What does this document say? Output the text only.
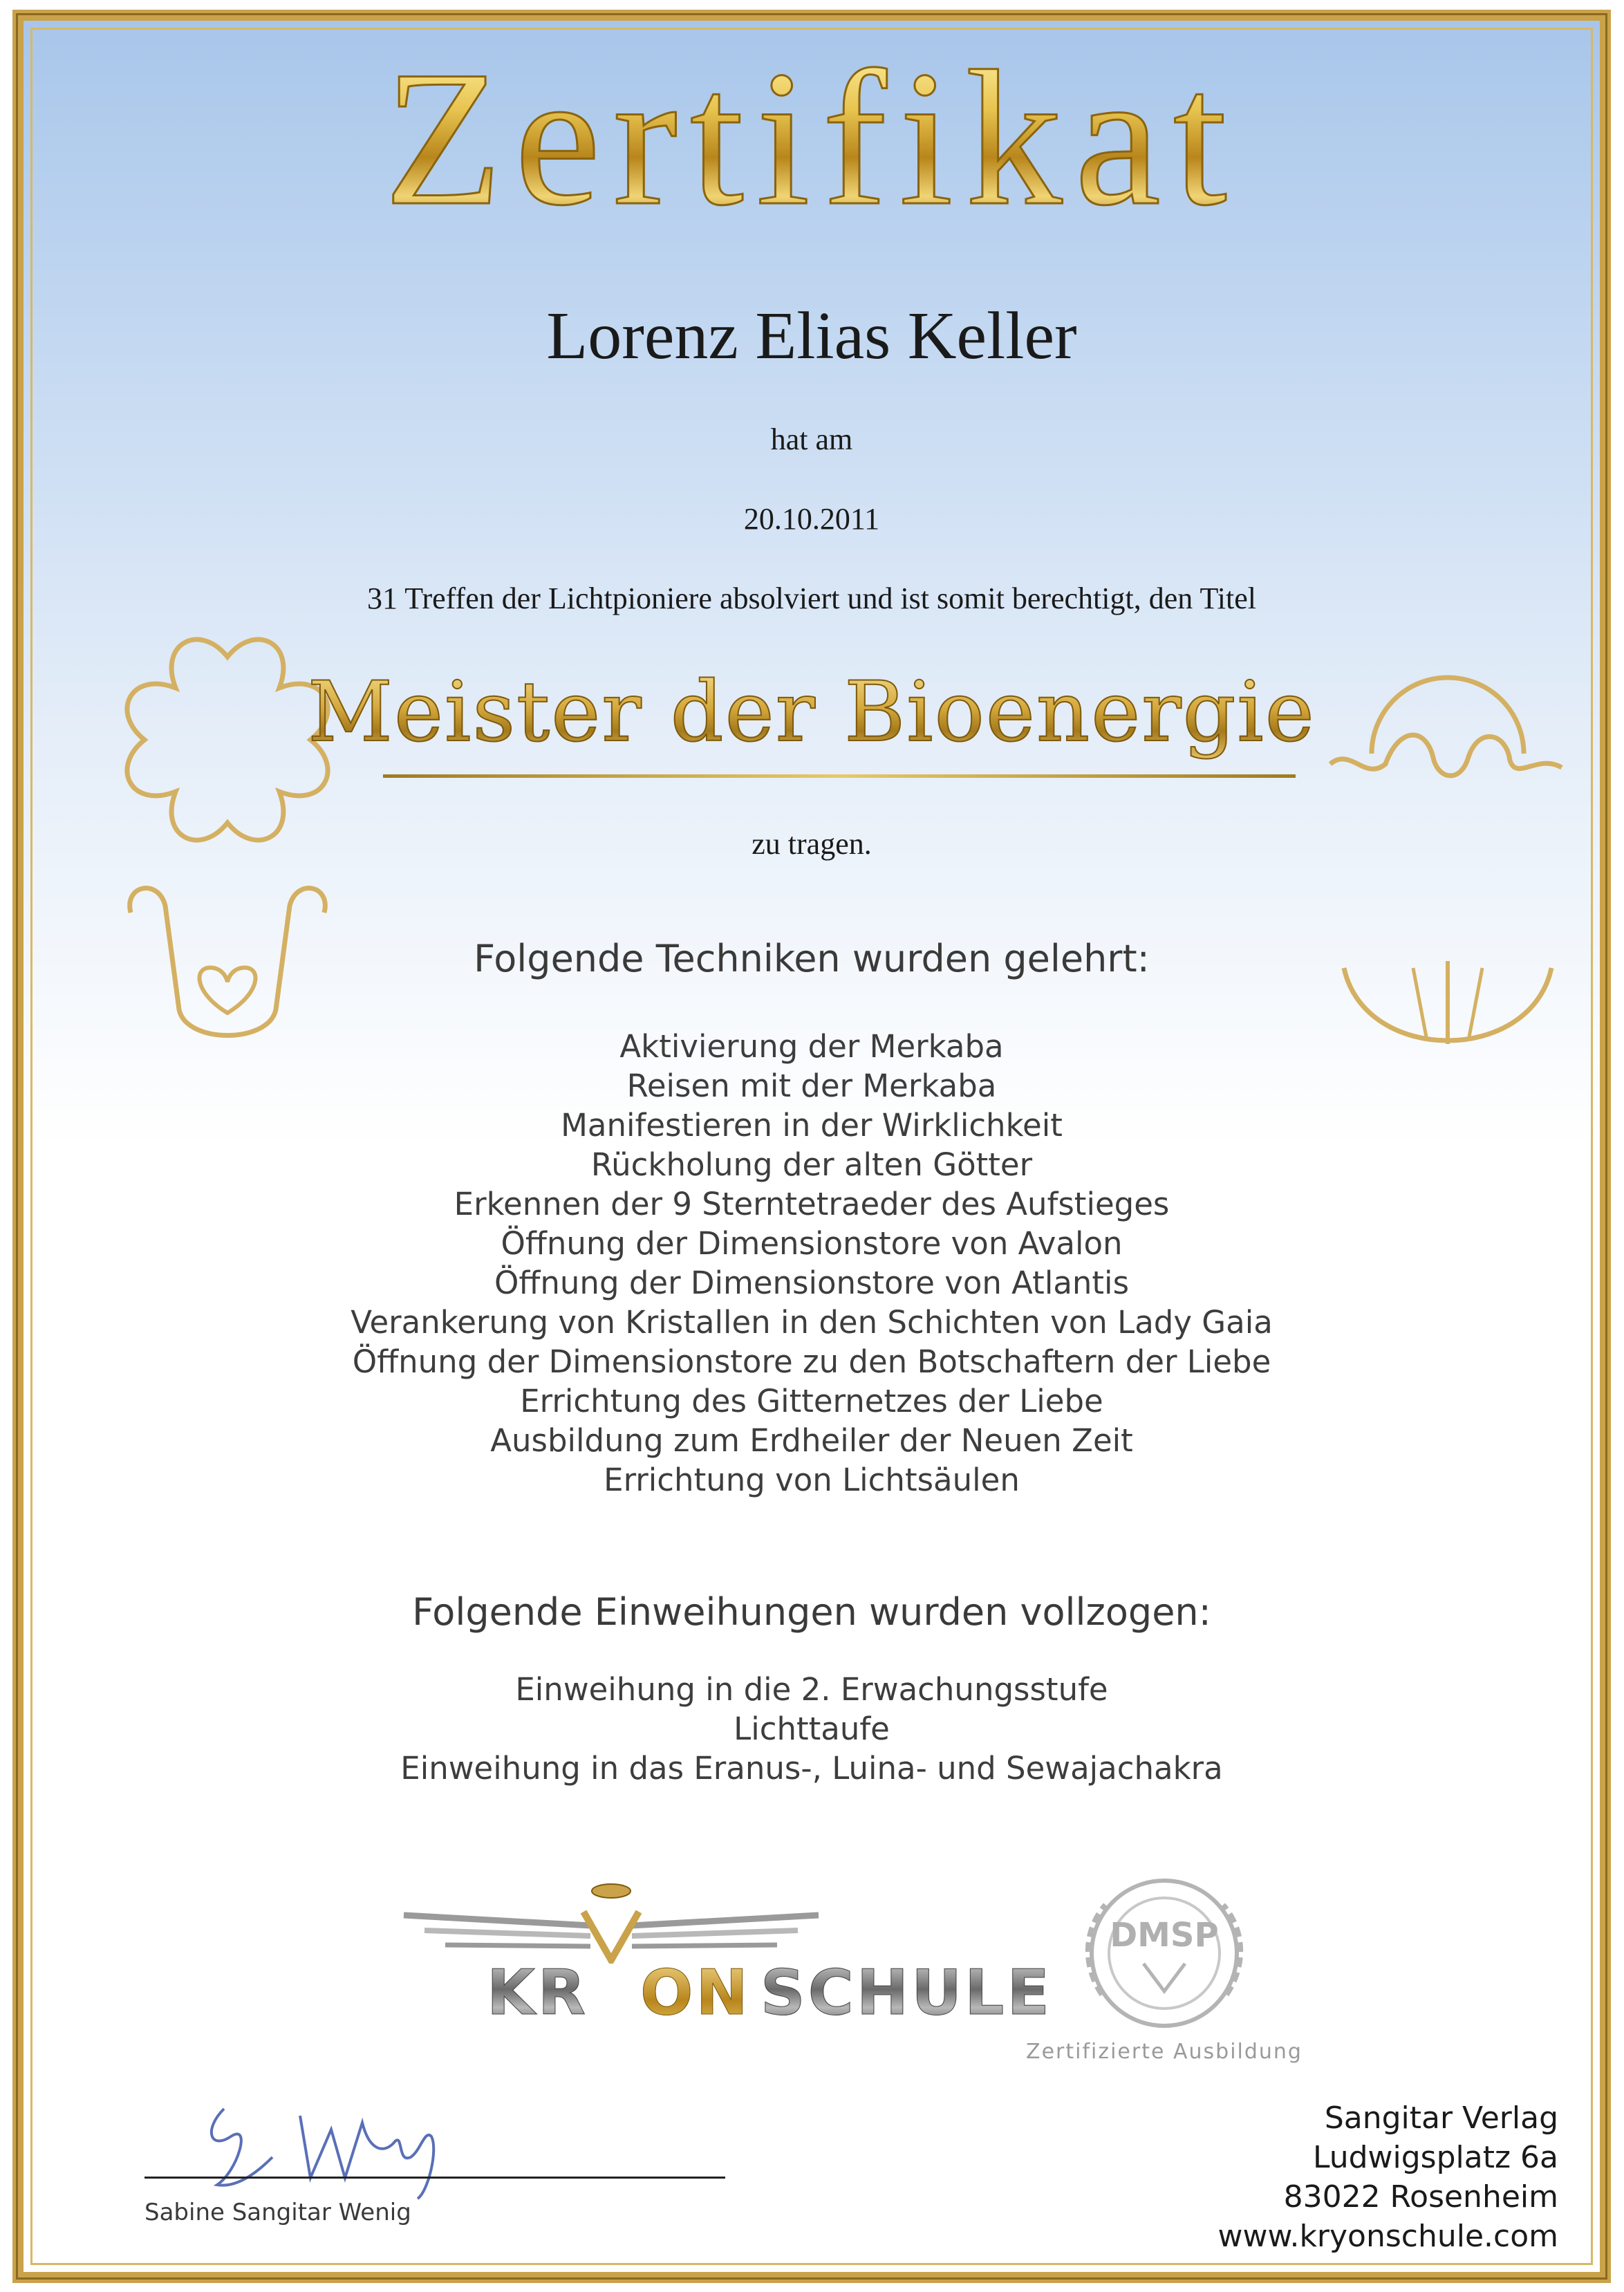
Zertifikat
Lorenz Elias Keller
hat am
20.10.2011
31 Treffen der Lichtpioniere absolviert und ist somit berechtigt, den Titel
Meister der Bioenergie
zu tragen.
Folgende Techniken wurden gelehrt:
Aktivierung der Merkaba
Reisen mit der Merkaba
Manifestieren in der Wirklichkeit
Rückholung der alten Götter
Erkennen der 9 Sterntetraeder des Aufstieges
Öffnung der Dimensionstore von Avalon
Öffnung der Dimensionstore von Atlantis
Verankerung von Kristallen in den Schichten von Lady Gaia
Öffnung der Dimensionstore zu den Botschaftern der Liebe
Errichtung des Gitternetzes der Liebe
Ausbildung zum Erdheiler der Neuen Zeit
Errichtung von Lichtsäulen
Folgende Einweihungen wurden vollzogen:
Einweihung in die 2. Erwachungsstufe
Lichttaufe
Einweihung in das Eranus-, Luina- und Sewajachakra
KR ON SCHULE
DMSP
Zertifizierte Ausbildung
Sabine Sangitar Wenig
Sangitar Verlag
Ludwigsplatz 6a
83022 Rosenheim
www.kryonschule.com
